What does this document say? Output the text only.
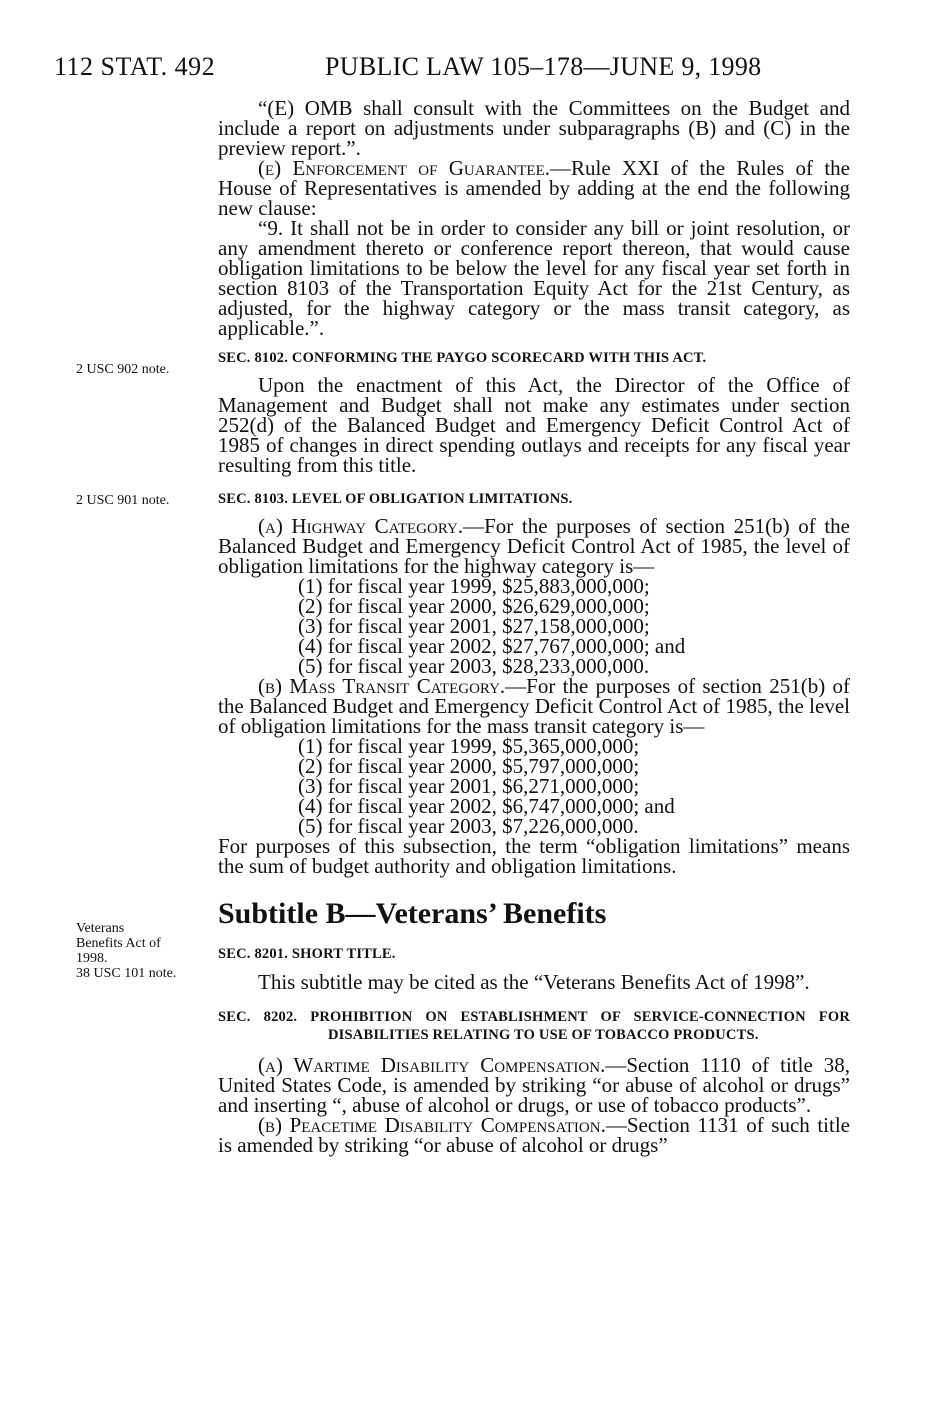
112 STAT. 492	PUBLIC LAW 105–178—JUNE 9, 1998
2 USC 902 note.
2 USC 901 note.
Veterans
Benefits Act of
1998.
38 USC 101 note.

“(E) OMB shall consult with the Committees on the Budget and include a report on adjustments under subparagraphs (B) and (C) in the preview report.”.

(e) Enforcement of Guarantee.—Rule XXI of the Rules of the House of Representatives is amended by adding at the end the following new clause:

“9. It shall not be in order to consider any bill or joint resolution, or any amendment thereto or conference report thereon, that would cause obligation limitations to be below the level for any fiscal year set forth in section 8103 of the Transportation Equity Act for the 21st Century, as adjusted, for the highway category or the mass transit category, as applicable.”.

SEC. 8102. CONFORMING THE PAYGO SCORECARD WITH THIS ACT.

Upon the enactment of this Act, the Director of the Office of Management and Budget shall not make any estimates under section 252(d) of the Balanced Budget and Emergency Deficit Control Act of 1985 of changes in direct spending outlays and receipts for any fiscal year resulting from this title.

SEC. 8103. LEVEL OF OBLIGATION LIMITATIONS.

(a) Highway Category.—For the purposes of section 251(b) of the Balanced Budget and Emergency Deficit Control Act of 1985, the level of obligation limitations for the highway category is—

(1) for fiscal year 1999, $25,883,000,000;

(2) for fiscal year 2000, $26,629,000,000;

(3) for fiscal year 2001, $27,158,000,000;

(4) for fiscal year 2002, $27,767,000,000; and

(5) for fiscal year 2003, $28,233,000,000.

(b) Mass Transit Category.—For the purposes of section 251(b) of the Balanced Budget and Emergency Deficit Control Act of 1985, the level of obligation limitations for the mass transit category is—

(1) for fiscal year 1999, $5,365,000,000;

(2) for fiscal year 2000, $5,797,000,000;

(3) for fiscal year 2001, $6,271,000,000;

(4) for fiscal year 2002, $6,747,000,000; and

(5) for fiscal year 2003, $7,226,000,000.

For purposes of this subsection, the term “obligation limitations” means the sum of budget authority and obligation limitations.

Subtitle B—Veterans’ Benefits

SEC. 8201. SHORT TITLE.

This subtitle may be cited as the “Veterans Benefits Act of 1998”.

SEC. 8202. PROHIBITION ON ESTABLISHMENT OF SERVICE-CONNECTION FOR DISABILITIES RELATING TO USE OF TOBACCO PRODUCTS.

(a) Wartime Disability Compensation.—Section 1110 of title 38, United States Code, is amended by striking “or abuse of alcohol or drugs” and inserting “, abuse of alcohol or drugs, or use of tobacco products”.

(b) Peacetime Disability Compensation.—Section 1131 of such title is amended by striking “or abuse of alcohol or drugs”
